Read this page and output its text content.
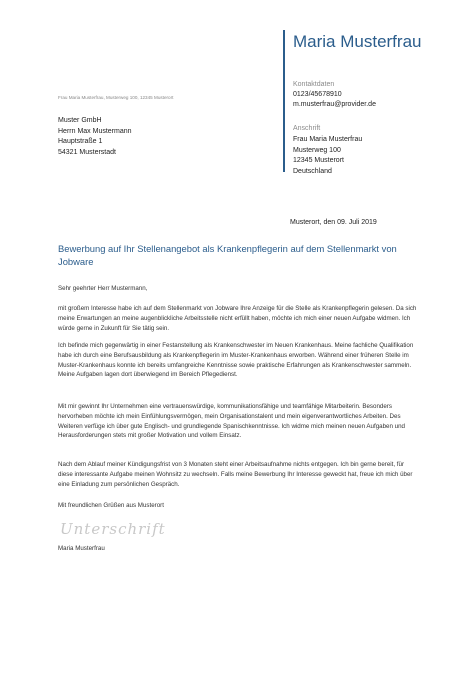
Maria Musterfrau
Kontaktdaten
0123/45678910
m.musterfrau@provider.de
Anschrift
Frau Maria Musterfrau
Musterweg 100
12345 Musterort
Deutschland
Frau Maria Musterfrau, Musterweg 100, 12345 Musterort
Muster GmbH
Herrn Max Mustermann
Hauptstraße 1
54321 Musterstadt
Musterort, den 09. Juli 2019
Bewerbung auf Ihr Stellenangebot als Krankenpflegerin auf dem Stellenmarkt von Jobware

Sehr geehrter Herr Mustermann,

mit großem Interesse habe ich auf dem Stellenmarkt von Jobware Ihre Anzeige für die Stelle als Krankenpflegerin gelesen. Da sich meine Erwartungen an meine augenblickliche Arbeitsstelle nicht erfüllt haben, möchte ich mich einer neuen Aufgabe widmen. Ich würde gerne in Zukunft für Sie tätig sein.

Ich befinde mich gegenwärtig in einer Festanstellung als Krankenschwester im Neuen Krankenhaus. Meine fachliche Qualifikation habe ich durch eine Berufsausbildung als Krankenpflegerin im Muster-Krankenhaus erworben. Während einer früheren Stelle im Muster-Krankenhaus konnte ich bereits umfangreiche Kenntnisse sowie praktische Erfahrungen als Krankenschwester sammeln. Meine Aufgaben lagen dort überwiegend im Bereich Pflegedienst.

Mit mir gewinnt Ihr Unternehmen eine vertrauenswürdige, kommunikationsfähige und teamfähige Mitarbeiterin. Besonders hervorheben möchte ich mein Einfühlungsvermögen, mein Organisationstalent und mein eigenverantwortliches Arbeiten. Des Weiteren verfüge ich über gute Englisch- und grundlegende Spanischkenntnisse. Ich widme mich meinen neuen Aufgaben und Herausforderungen stets mit großer Motivation und vollem Einsatz.

Nach dem Ablauf meiner Kündigungsfrist von 3 Monaten steht einer Arbeitsaufnahme nichts entgegen. Ich bin gerne bereit, für diese interessante Aufgabe meinen Wohnsitz zu wechseln. Falls meine Bewerbung Ihr Interesse geweckt hat, freue ich mich über eine Einladung zum persönlichen Gespräch.

Mit freundlichen Grüßen aus Musterort

Unterschrift
Maria Musterfrau
